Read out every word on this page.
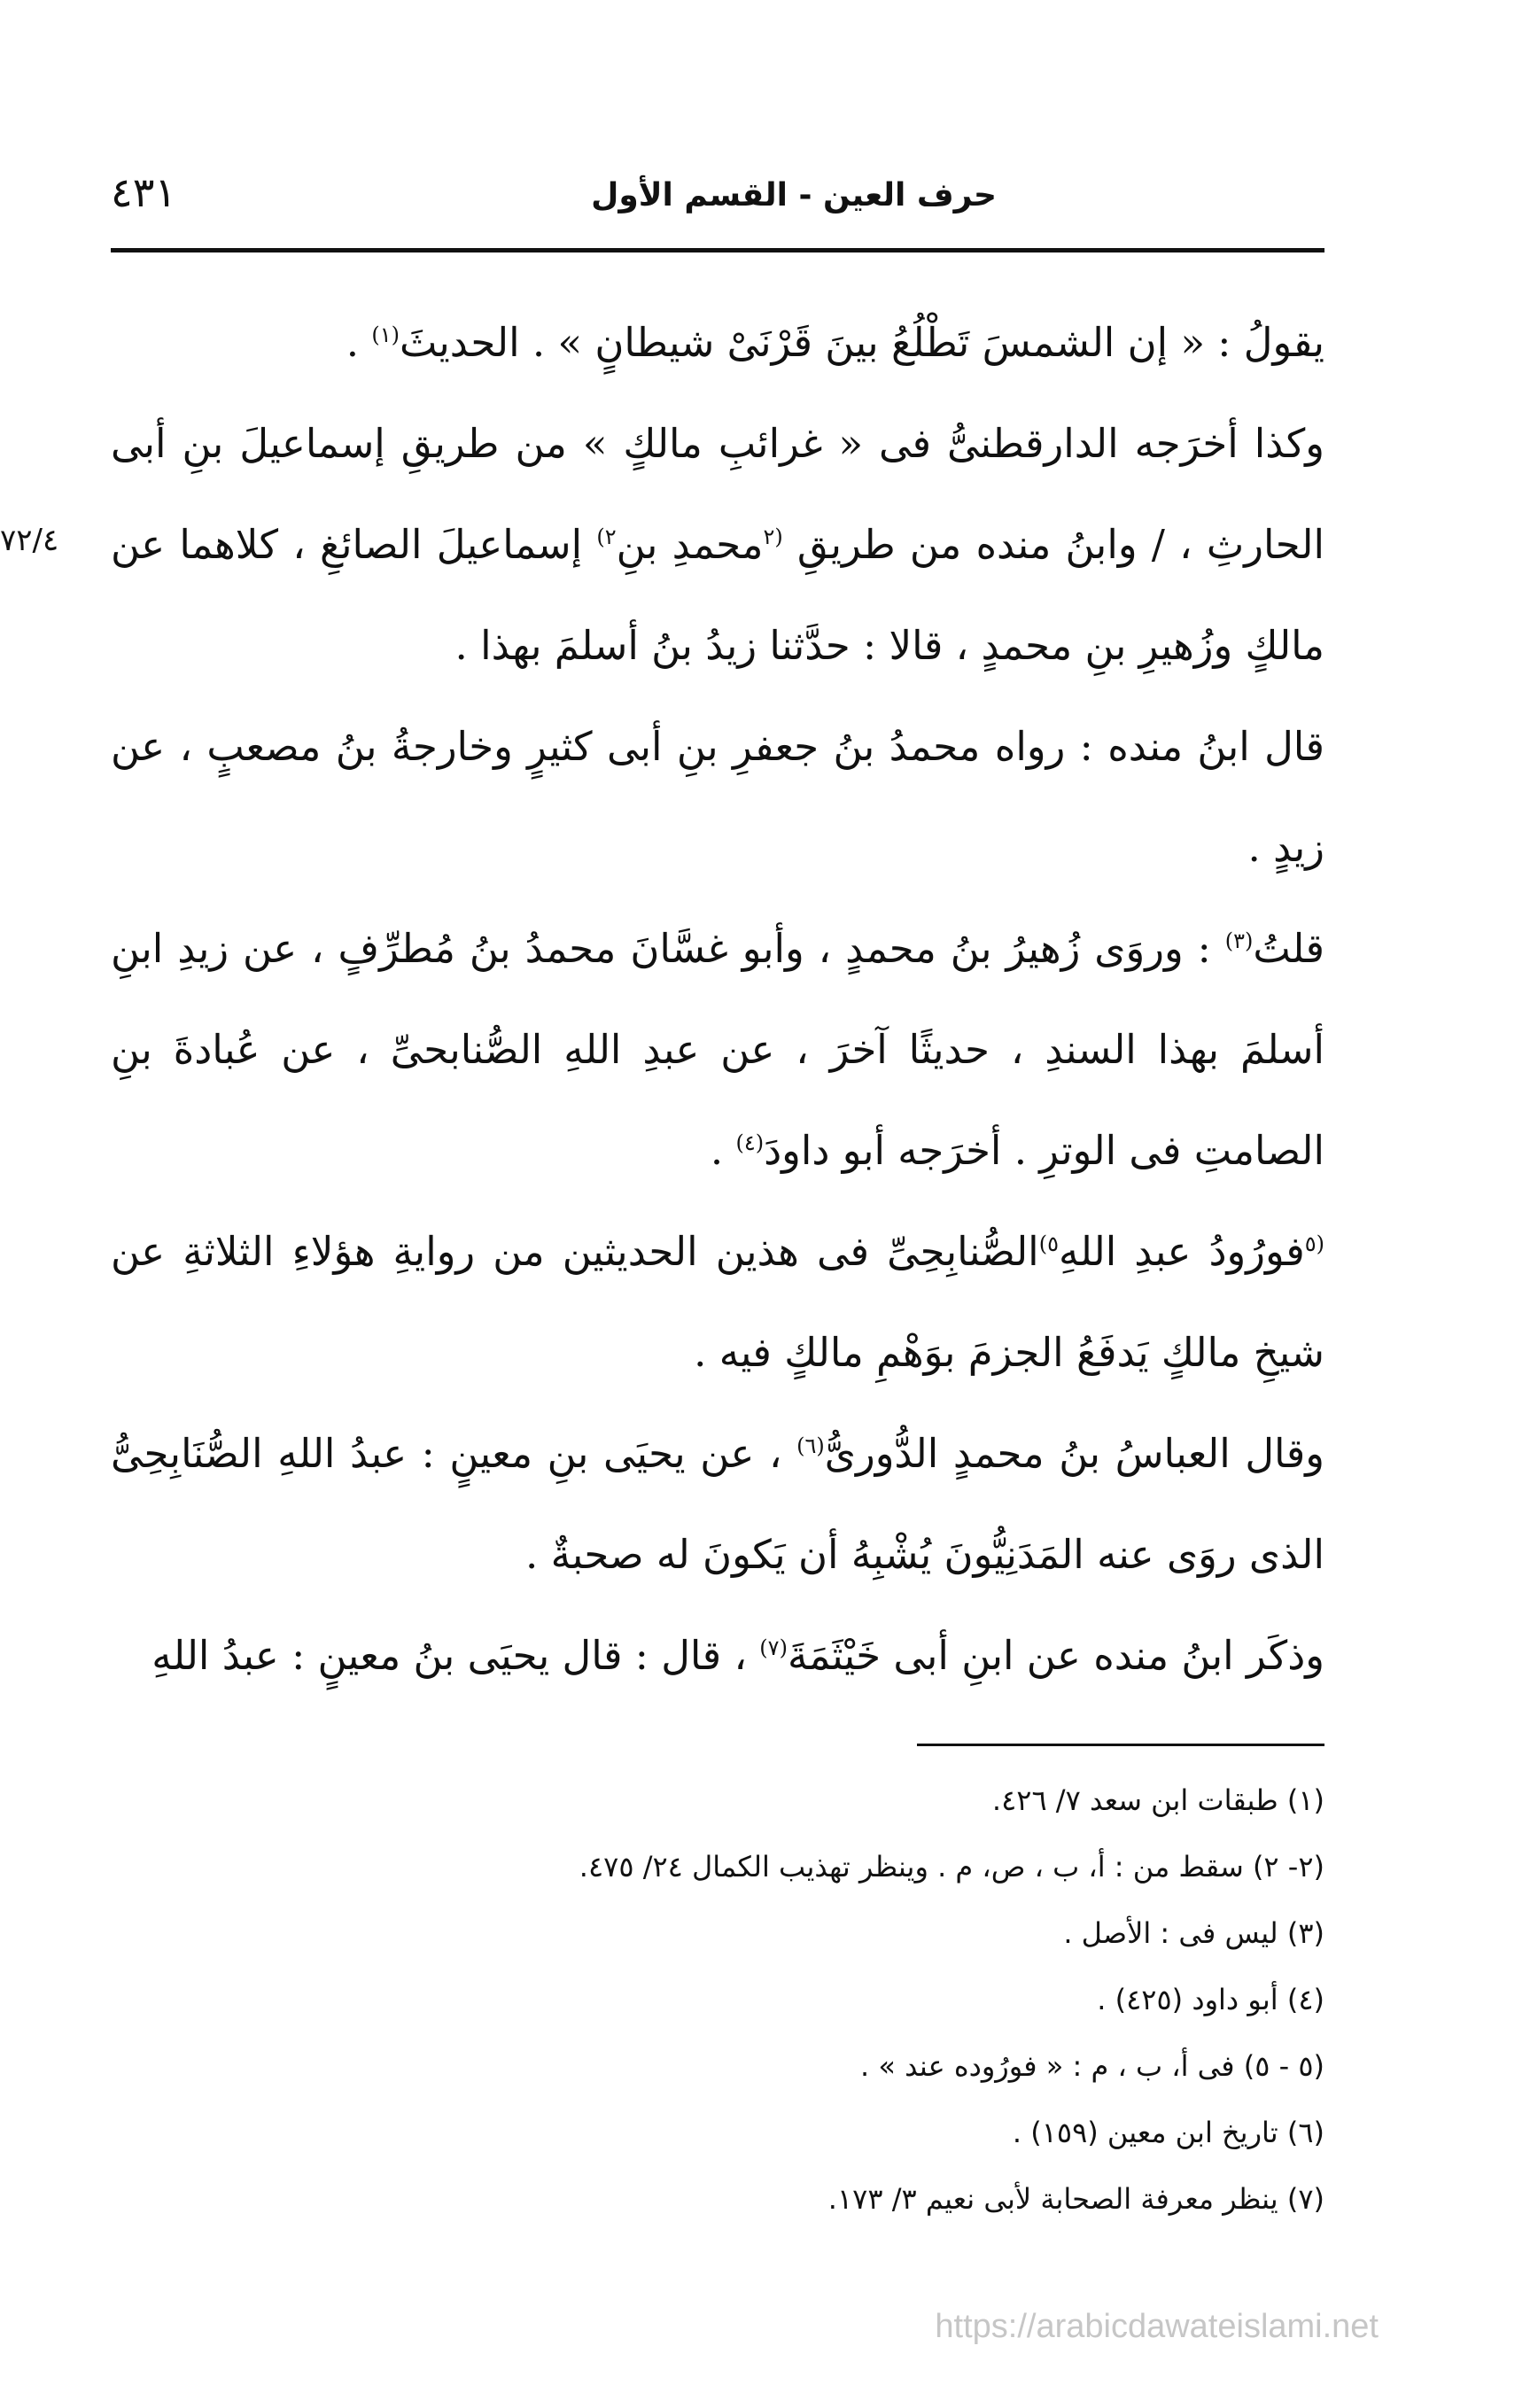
حرف العين - القسم الأول
٤٣١
٧٢/٤

يقولُ : « إن الشمسَ تَطْلُعُ بينَ قَرْنَىْ شيطانٍ » . الحديثَ$^{(١)}$ .

وكذا أخرَجه الدارقطنىُّ فى « غرائبِ مالكٍ » من طريقِ إسماعيلَ بنِ أبى الحارثِ ، / وابنُ منده من طريقِ $^{(٢}$محمدِ بنِ$^{٢)}$ إسماعيلَ الصائغِ ، كلاهما عن مالكٍ وزُهيرِ بنِ محمدٍ ، قالا : حدَّثنا زيدُ بنُ أسلمَ بهذا .

قال ابنُ منده : رواه محمدُ بنُ جعفرِ بنِ أبى كثيرٍ وخارجةُ بنُ مصعبٍ ، عن زيدٍ .

قلتُ$^{(٣)}$ : وروَى زُهيرُ بنُ محمدٍ ، وأبو غسَّانَ محمدُ بنُ مُطرِّفٍ ، عن زيدِ ابنِ أسلمَ بهذا السندِ ، حديثًا آخرَ ، عن عبدِ اللهِ الصُّنابحىِّ ، عن عُبادةَ بنِ الصامتِ فى الوترِ . أخرَجه أبو داودَ$^{(٤)}$ .

$^{(٥}$فورُودُ عبدِ اللهِ$^{٥)}$الصُّنابِحِىِّ فى هذين الحديثين من روايةِ هؤلاءِ الثلاثةِ عن شيخِ مالكٍ يَدفَعُ الجزمَ بوَهْمِ مالكٍ فيه .

وقال العباسُ بنُ محمدٍ الدُّورىُّ$^{(٦)}$ ، عن يحيَى بنِ معينٍ : عبدُ اللهِ الصُّنَابِحِىُّ الذى روَى عنه المَدَنِيُّونَ يُشْبِهُ أن يَكونَ له صحبةٌ .

وذكَر ابنُ منده عن ابنِ أبى خَيْثَمَةَ$^{(٧)}$ ، قال : قال يحيَى بنُ معينٍ : عبدُ اللهِ

(١) طبقات ابن سعد ٧/ ٤٢٦.

(٢- ٢) سقط من : أ، ب ، ص، م . وينظر تهذيب الكمال ٢٤/ ٤٧٥.

(٣) ليس فى : الأصل .

(٤) أبو داود (٤٢٥) .

(٥ - ٥) فى أ، ب ، م : « فورُوده عند » .

(٦) تاريخ ابن معين (١٥٩) .

(٧) ينظر معرفة الصحابة لأبى نعيم ٣/ ١٧٣.

https://arabicdawateislami.net
